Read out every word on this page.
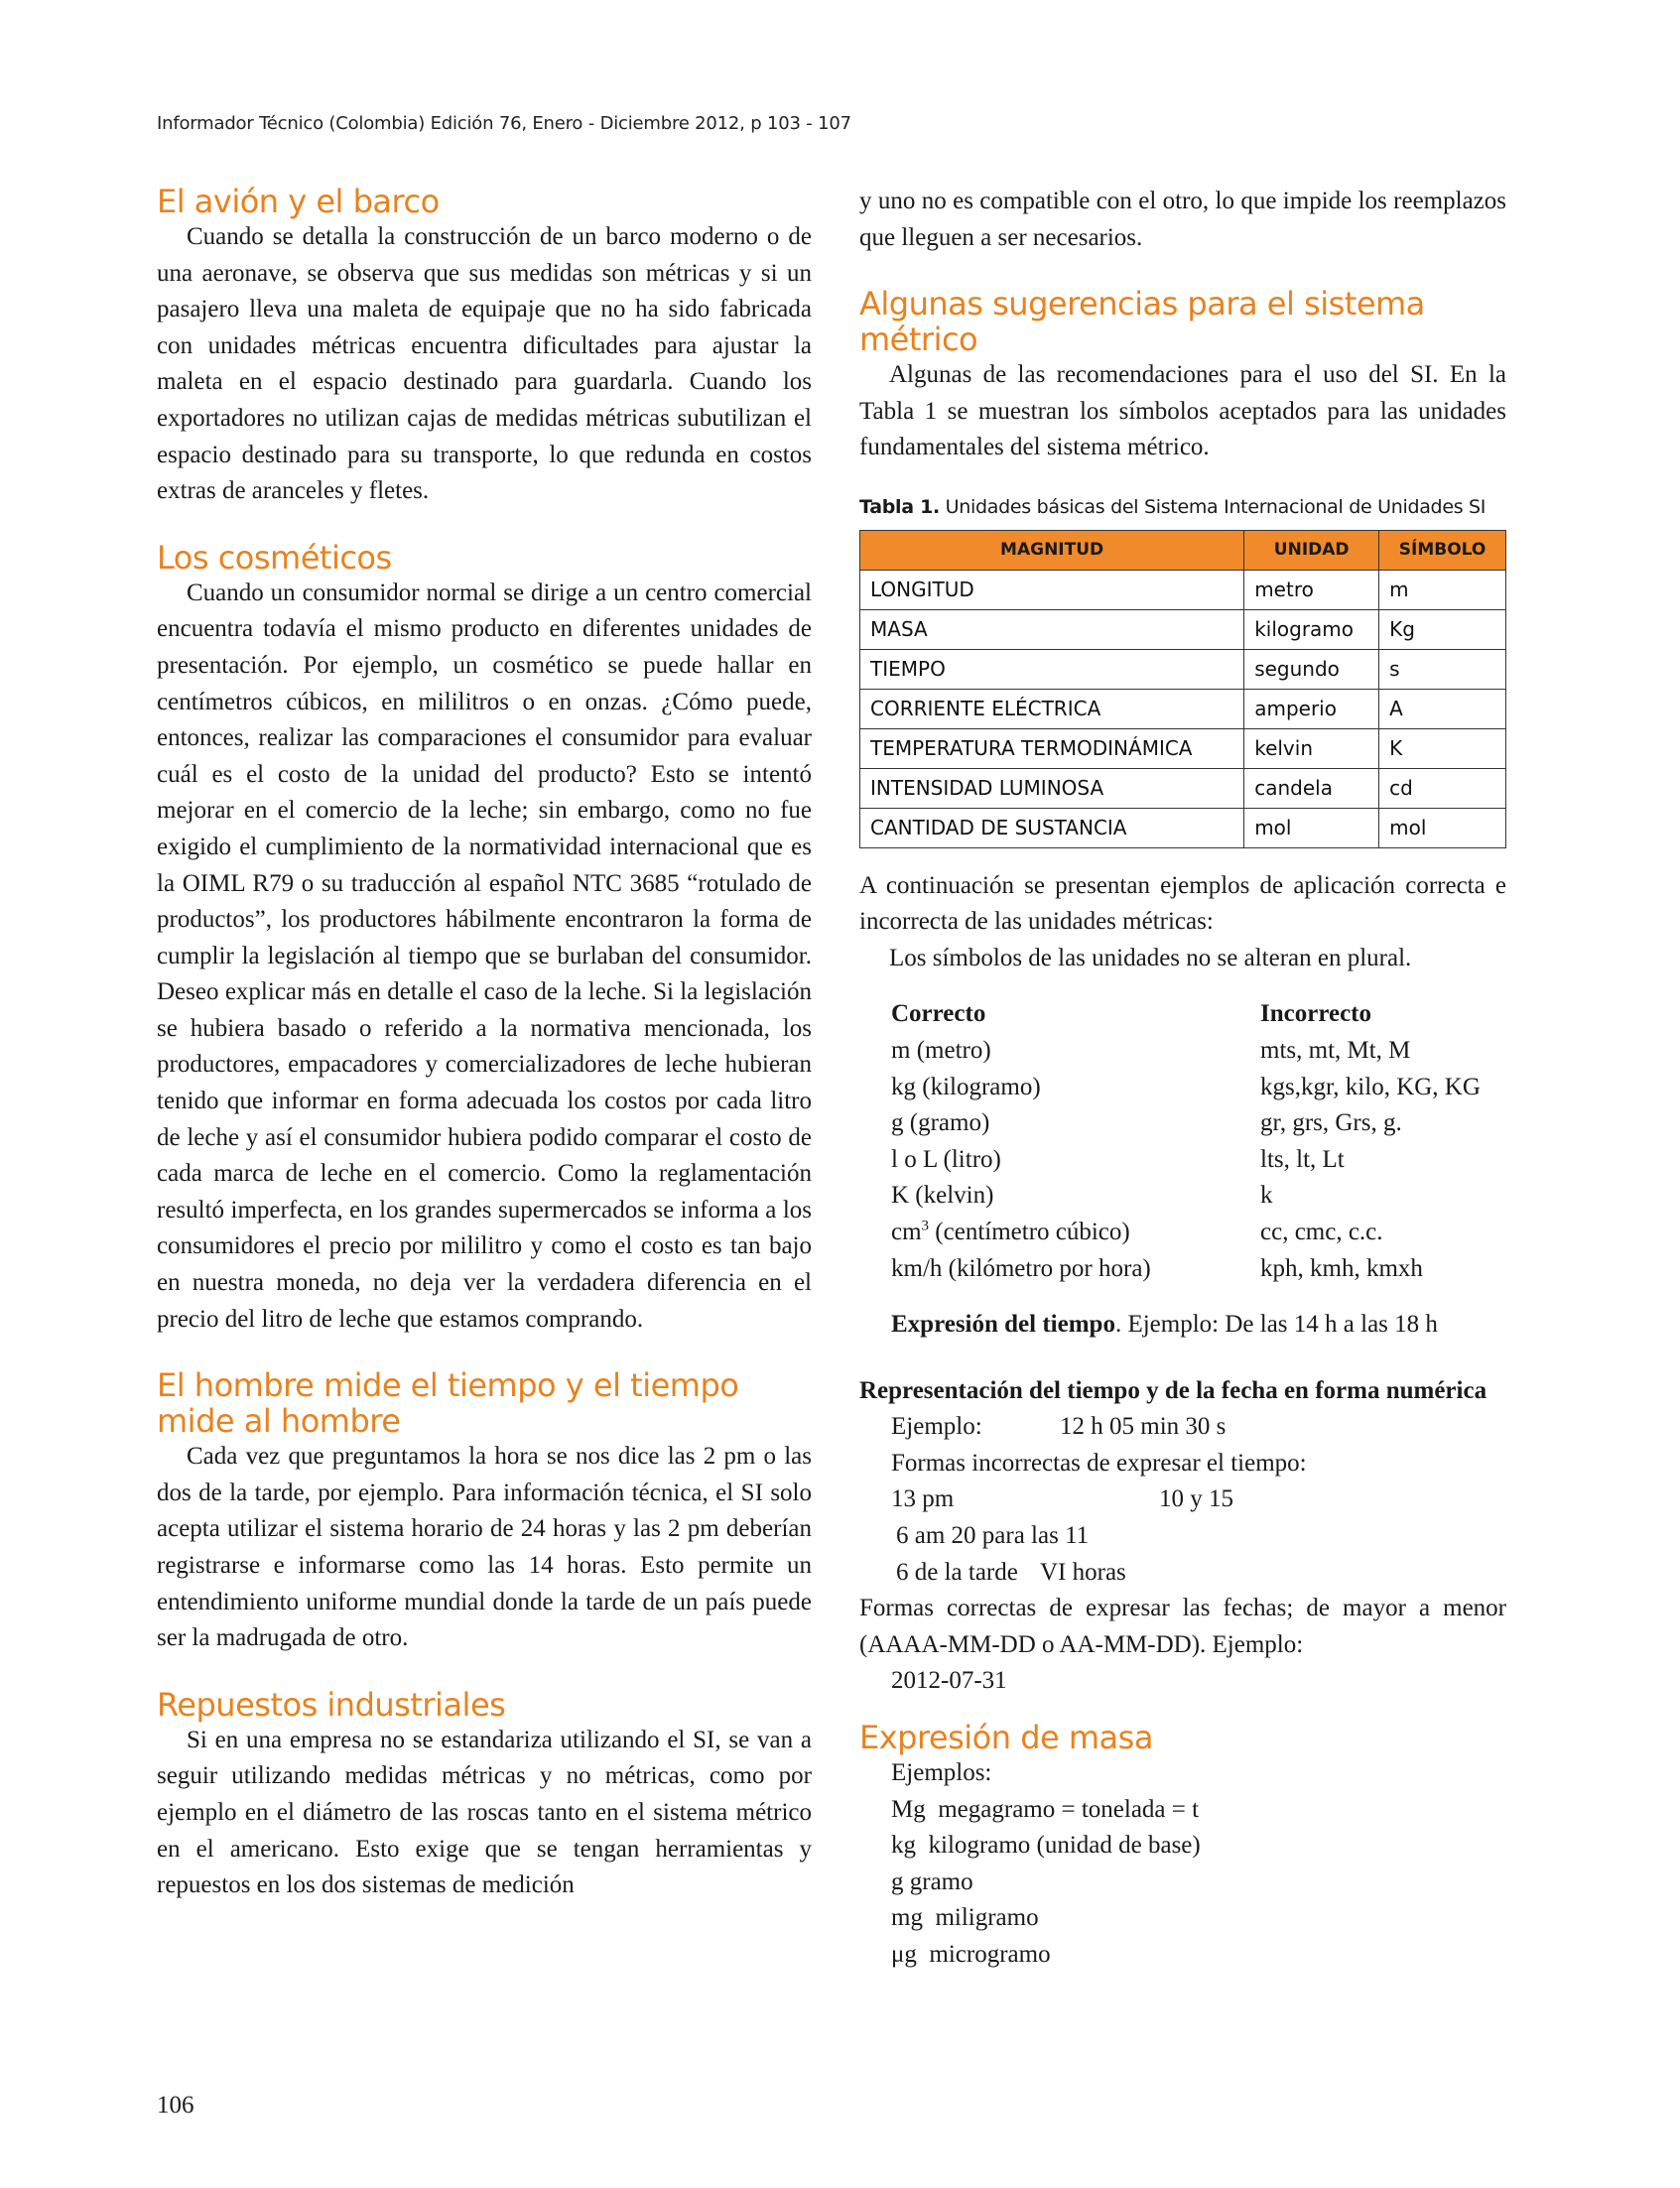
Informador Técnico (Colombia) Edición 76, Enero - Diciembre 2012, p 103 - 107
El avión y el barco

Cuando se detalla la construcción de un barco moderno o de una aeronave, se observa que sus medidas son métricas y si un pasajero lleva una maleta de equipaje que no ha sido fabricada con unidades métricas encuentra dificultades para ajustar la maleta en el espacio destinado para guardarla. Cuando los exportadores no utilizan cajas de medidas métricas subutilizan el espacio destinado para su transporte, lo que redunda en costos extras de aranceles y fletes.

Los cosméticos

Cuando un consumidor normal se dirige a un centro comercial encuentra todavía el mismo producto en diferentes unidades de presentación. Por ejemplo, un cosmético se puede hallar en centímetros cúbicos, en mililitros o en onzas. ¿Cómo puede, entonces, realizar las comparaciones el consumidor para evaluar cuál es el costo de la unidad del producto? Esto se intentó mejorar en el comercio de la leche; sin embargo, como no fue exigido el cumplimiento de la normatividad internacional que es la OIML R79 o su traducción al español NTC 3685 “rotulado de productos”, los productores hábilmente encontraron la forma de cumplir la legislación al tiempo que se burlaban del consumidor. Deseo explicar más en detalle el caso de la leche. Si la legislación se hubiera basado o referido a la normativa mencionada, los productores, empacadores y comercializadores de leche hubieran tenido que informar en forma adecuada los costos por cada litro de leche y así el consumidor hubiera podido comparar el costo de cada marca de leche en el comercio. Como la reglamentación resultó imperfecta, en los grandes supermercados se informa a los consumidores el precio por mililitro y como el costo es tan bajo en nuestra moneda, no deja ver la verdadera diferencia en el precio del litro de leche que estamos comprando.

El hombre mide el tiempo y el tiempo mide al hombre

Cada vez que preguntamos la hora se nos dice las 2 pm o las dos de la tarde, por ejemplo. Para información técnica, el SI solo acepta utilizar el sistema horario de 24 horas y las 2 pm deberían registrarse e informarse como las 14 horas. Esto permite un entendimiento uniforme mundial donde la tarde de un país puede ser la madrugada de otro.

Repuestos industriales

Si en una empresa no se estandariza utilizando el SI, se van a seguir utilizando medidas métricas y no métricas, como por ejemplo en el diámetro de las roscas tanto en el sistema métrico en el americano. Esto exige que se tengan herramientas y repuestos en los dos sistemas de medición

y uno no es compatible con el otro, lo que impide los reemplazos que lleguen a ser necesarios.

Algunas sugerencias para el sistema métrico

Algunas de las recomendaciones para el uso del SI. En la Tabla 1 se muestran los símbolos aceptados para las unidades fundamentales del sistema métrico.

Tabla 1. Unidades básicas del Sistema Internacional de Unidades SI
MAGNITUD	UNIDAD	SÍMBOLO
LONGITUD	metro	m
MASA	kilogramo	Kg
TIEMPO	segundo	s
CORRIENTE ELÉCTRICA	amperio	A
TEMPERATURA TERMODINÁMICA	kelvin	K
INTENSIDAD LUMINOSA	candela	cd
CANTIDAD DE SUSTANCIA	mol	mol

A continuación se presentan ejemplos de aplicación correcta e incorrecta de las unidades métricas:

Los símbolos de las unidades no se alteran en plural.

Correcto	Incorrecto
m (metro)	mts, mt, Mt, M
kg (kilogramo)	kgs,kgr, kilo, KG, KG
g (gramo)	gr, grs, Grs, g.
l o L (litro)	lts, lt, Lt
K (kelvin)	k
$cm^3$ (centímetro cúbico)	cc, cmc, c.c.
km/h (kilómetro por hora)	kph, kmh, kmxh
Expresión del tiempo. Ejemplo: De las 14 h a las 18 h

Representación del tiempo y de la fecha en forma numérica

Ejemplo:	12 h 05 min 30 s
Formas incorrectas de expresar el tiempo:
13 pm	10 y 15
6 am 20 para las 11
6 de la tarde VI horas

Formas correctas de expresar las fechas; de mayor a menor (AAAA-MM-DD o AA-MM-DD). Ejemplo:

2012-07-31
Expresión de masa
Ejemplos:
Mg  megagramo = tonelada = t
kg  kilogramo (unidad de base)
g gramo
mg  miligramo
μg  microgramo
106
